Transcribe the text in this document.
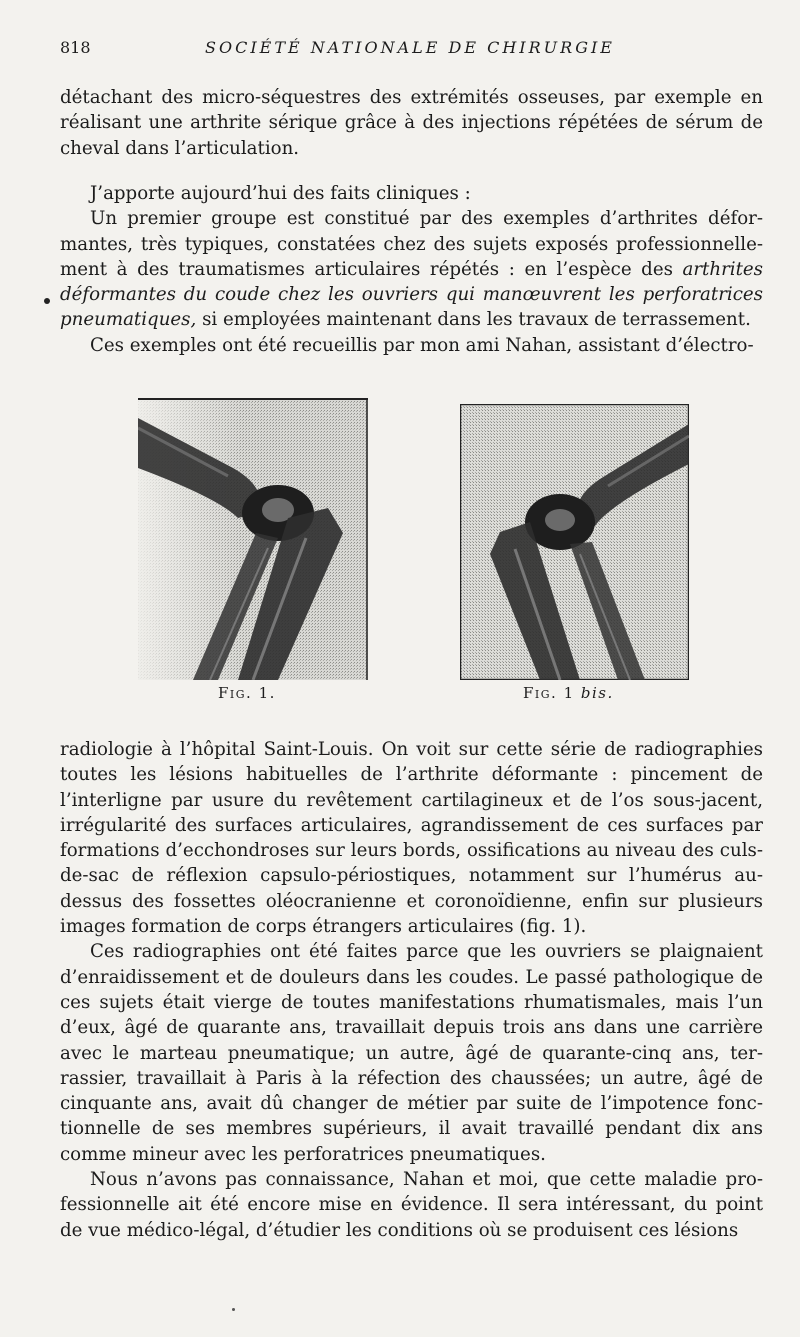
818	SOCIÉTÉ NATIONALE DE CHIRURGIE

détachant des micro-séquestres des extrémités osseuses, par exemple en réalisant une arthrite sérique grâce à des injections répétées de sérum de cheval dans l’articulation.

J’apporte aujourd’hui des faits cliniques :

Un premier groupe est constitué par des exemples d’arthrites déformantes, très typiques, constatées chez des sujets exposés professionnellement à des traumatismes articulaires répétés : en l’espèce des arthrites déformantes du coude chez les ouvriers qui manœuvrent les perforatrices pneumatiques, si employées maintenant dans les travaux de terrassement.

Ces exemples ont été recueillis par mon ami Nahan, assistant d’électro-

Fig. 1.	Fig. 1 bis.

radiologie à l’hôpital Saint-Louis. On voit sur cette série de radiographies toutes les lésions habituelles de l’arthrite déformante : pincement de l’interligne par usure du revêtement cartilagineux et de l’os sous-jacent, irrégularité des surfaces articulaires, agrandissement de ces surfaces par formations d’ecchondroses sur leurs bords, ossifications au niveau des culs-de-sac de réflexion capsulo-périostiques, notamment sur l’humérus au-dessus des fossettes oléocranienne et coronoïdienne, enfin sur plusieurs images formation de corps étrangers articulaires (fig. 1).

Ces radiographies ont été faites parce que les ouvriers se plaignaient d’enraidissement et de douleurs dans les coudes. Le passé pathologique de ces sujets était vierge de toutes manifestations rhumatismales, mais l’un d’eux, âgé de quarante ans, travaillait depuis trois ans dans une carrière avec le marteau pneumatique; un autre, âgé de quarante-cinq ans, terrassier, travaillait à Paris à la réfection des chaussées; un autre, âgé de cinquante ans, avait dû changer de métier par suite de l’impotence fonctionnelle de ses membres supérieurs, il avait travaillé pendant dix ans comme mineur avec les perforatrices pneumatiques.

Nous n’avons pas connaissance, Nahan et moi, que cette maladie professionnelle ait été encore mise en évidence. Il sera intéressant, du point de vue médico-légal, d’étudier les conditions où se produisent ces lésions
